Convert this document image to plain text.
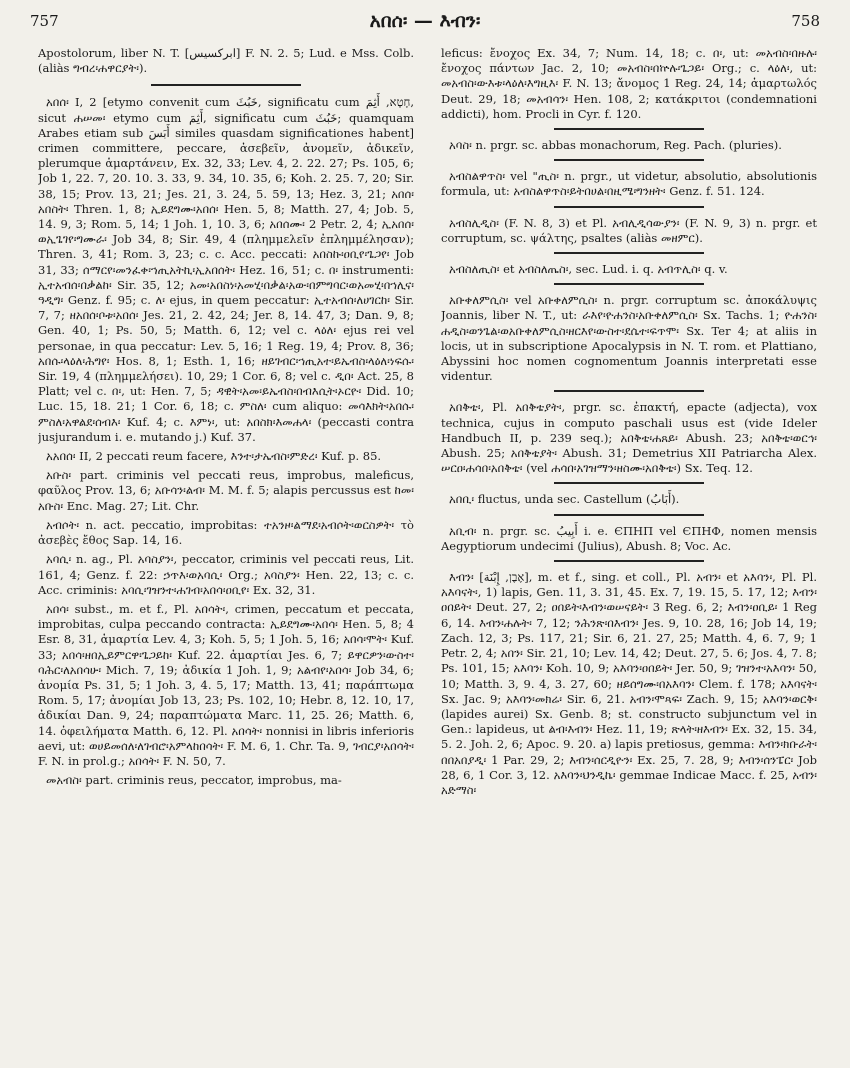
757	አበሰ፡ — እብን፡	758

Apostolorum, liber N. T. [ابركسيس] F. N. 2. 5; Lud. e Mss. Colb. (aliàs ግብረ፡ሐዋርያት፡).

አበሰ፡ I, 2 [etymo convenit cum خَبُثَ, significatu cum חָטָא, أَثِمَ, sicut ሐሠመ፡ etymo cum أَثِمَ, significatu cum خَبُثَ; quamquam Arabes etiam sub أَبَسَ similes quasdam significationes habent] crimen committere, peccare, ἀσεβεῖν, ἀνομεῖν, ἀδικεῖν, plerumque ἁμαρτάνειν, Ex. 32, 33; Lev. 4, 2. 22. 27; Ps. 105, 6; Job 1, 22. 7, 20. 10. 3. 33, 9. 34, 10. 35, 6; Koh. 2. 25. 7, 20; Sir. 38, 15; Prov. 13, 21; Jes. 21, 3. 24, 5. 59, 13; Hez. 3, 21; አበሰ፡አበስት፡ Thren. 1, 8; ኢይደግሙ፡አበሰ፡ Hen. 5, 8; Matth. 27, 4; Job. 5, 14. 9, 3; Rom. 5, 14; 1 Joh. 1, 10. 3, 6; አበሰሙ፡ 2 Petr. 2, 4; ኢአበሰ፡ወኢጌገየ፡ግሙራ፡ Job 34, 8; Sir. 49, 4 (πλημμελεῖν ἐπλημμέλησαν); Thren. 3, 41; Rom. 3, 23; c. c. Acc. peccati: አበስኩ፡ዐቢየ፡ጌጋየ፡ Job 31, 33; ሰማርየ፡መንፈቀ፡ኀጢአትኪ፡ኢአበሰት፡ Hez. 16, 51; c. በ፡ instrumenti: ኢተአብሰ፡በቃልከ፡ Sir. 35, 12; አመ፡አበስነ፡አመሂ፡በቃል፡አው፡በምግባር፡ወአመሂ፡በኀሊና፡ዓዲግ፡ Genz. f. 95; c. ለ፡ ejus, in quem peccatur: ኢተአብሰ፡ለሀገርከ፡ Sir. 7, 7; ዘአበሰ፡ቦቱ፡አበሰ፡ Jes. 21, 2. 42, 24; Jer. 8, 14. 47, 3; Dan. 9, 8; Gen. 40, 1; Ps. 50, 5; Matth. 6, 12; vel c. ላዕለ፡ ejus rei vel personae, in qua peccatur: Lev. 5, 16; 1 Reg. 19, 4; Prov. 8, 36; አበሱ፡ላዕለ፡ሕግየ፡ Hos. 8, 1; Esth. 1, 16; ዘይገብር፡ኀጢአተ፡ይኤብስ፡ላዕለ፡ነፍሱ፡ Sir. 19, 4 (πλημμελήσει). 10, 29; 1 Cor. 6, 8; vel c. ዲበ፡ Act. 25, 8 Platt; vel c. በ፡, ut: Hen. 7, 5; ዳዊት፡አመ፡ይኤብስ፡በብእሲት፡ኦርዮ፡ Did. 10; Luc. 15, 18. 21; 1 Cor. 6, 18; c. ምስለ፡ cum aliquo: መሳእክት፡አበሱ፡ምስለ፡አዋልደ፡ሰብእ፡ Kuf. 4; c. እምነ፡, ut: አበስክ፡እመሐላ፡ (peccasti contra jusjurandum i. e. mutando j.) Kuf. 37.

አአበሰ፡ II, 2 peccati reum facere, እንተ፡ታኤብስ፡ምድረ፡ Kuf. p. 85.

አቡስ፡ part. criminis vel peccati reus, improbus, maleficus, φαῦλος Prov. 13, 6; አቡሳን፡ልብ፡ M. M. f. 5; alapis percussus est ከመ፡አቡስ፡ Enc. Mag. 27; Lit. Chr.

አብሶት፡ n. act. peccatio, improbitas: ተአንዞ፡ልማደ፡አብሶት፡ወርስዎት፡ τὸ ἀσεβὲς ἔθος Sap. 14, 16.

አባሲ፡ n. ag., Pl. አባስያን፡, peccator, criminis vel peccati reus, Lit. 161, 4; Genz. f. 22: ኃጥእ፡ወአባሲ፡ Org.; አባስያን፡ Hen. 22, 13; c. c. Acc. criminis: አባሲ፡ገዝንተ፡ሐገብ፡አበሳ፡ዐቢየ፡ Ex. 32, 31.

አበሳ፡ subst., m. et f., Pl. አበሳት፡, crimen, peccatum et peccata, improbitas, culpa peccando contracta: ኢይደግሙ፡አበሳ፡ Hen. 5, 8; 4 Esr. 8, 31, ἁμαρτία Lev. 4, 3; Koh. 5, 5; 1 Joh. 5, 16; አበሳ፡ሞት፡ Kuf. 33; አበሳ፡ዘበኢይምርዋ፡ጌጋይከ፡ Kuf. 22. ἁμαρτίαι Jes. 6, 7; ይዋርዎን፡ውስተ፡ባሕር፡ለአበሳሁ፡ Mich. 7, 19; ἀδικία 1 Joh. 1, 9; አልብየ፡አበሳ፡ Job 34, 6; ἀνομία Ps. 31, 5; 1 Joh. 3, 4. 5, 17; Matth. 13, 41; παράπτωμα Rom. 5, 17; ἀνομίαι Job 13, 23; Ps. 102, 10; Hebr. 8, 12. 10, 17, ἀδικίαι Dan. 9, 24; παραπτώματα Marc. 11, 25. 26; Matth. 6, 14. ὀφειλήματα Matth. 6, 12. Pl. አበሳት፡ nonnisi in libris inferioris aevi, ut: ወሀይመሰለ፡ለገብሮ፡አምላከበሳት፡ F. M. 6, 1. Chr. Ta. 9, ገብርያ፡አበሳት፡ F. N. in prol.g.; አበሳት፡ F. N. 50, 7.

መአብስ፡ part. criminis reus, peccator, improbus, ma-

leficus: ἔνοχος Ex. 34, 7; Num. 14, 18; c. በ፡, ut: መአብስ፡በዙሉ፡ ἔνοχος πάντων Jac. 2, 10; መአብስ፡በኵሉ፡ጌጋይ፡ Org.; c. ላዕለ፡, ut: መአብስ፡ውእቱ፡ላዕለ፡እግዚእ፡ F. N. 13; ἄνομος 1 Reg. 24, 14; ἁμαρτωλός Deut. 29, 18; መአብሳን፡ Hen. 108, 2; κατάκριτοι (condemnationi addicti), hom. Procli in Cyr. f. 120.

አባስ፡ n. prgr. sc. abbas monachorum, Reg. Pach. (pluries).

አብስልዋጥስ፡ vel "ጢስ፡ n. prgr., ut videtur, absolutio, absolutionis formula, ut: አብስልዋጥስ፡ይትበሀል፡በዚሜ፡ግንዘት፡ Genz. f. 51. 124.

አብስሊዲስ፡ (F. N. 8, 3) et Pl. አብሊዲሳውያን፡ (F. N. 9, 3) n. prgr. et corruptum, sc. ψάλτης, psaltes (aliàs መዘምር).

አብስለጢስ፡ et አብስለጤስ፡, sec. Lud. i. q. አብጥሊስ፡ q. v.

አቡቀለምሲስ፡ vel አቡቀለምሲስ፡ n. prgr. corruptum sc. ἀποκάλυψις Joannis, liber N. T., ut: ራእየ፡ዮሐንስ፡አቡቀለምሲስ፡ Sx. Tachs. 1; ዮሐንስ፡ሐዲስ፡ወንጌል፡ወአቡቀለምሲስ፡ዘርእየ፡ውስተ፡ደሴተ፡ፍጥሞ፡ Sx. Ter 4; at aliis in locis, ut in subscriptione Apocalypsis in N. T. rom. et Plattiano, Abyssini hoc nomen cognomentum Joannis interpretati esse videntur.

አበቅቴ፡, Pl. አበቅቴያት፡, prgr. sc. ἐπακτή, epacte (adjecta), vox technica, cujus in computo paschali usus est (vide Ideler Handbuch II, p. 239 seq.); አበቅቴ፡ሐጸይ፡ Abush. 23; አበቅቴ፡ወርኅ፡ Abush. 25; አበቅቴያት፡ Abush. 31; Demetrius XII Patriarcha Alex. ሠርዐ፡ሐሳበ፡አበቅቴ፡ (vel ሐሳበ፡አገዝማን፡ዘስሙ፡አበቅቴ፡) Sx. Teq. 12.

አበቢ፡ fluctus, unda sec. Castellum (أَبَابُ).

አቢብ፡ n. prgr. sc. أَبِيبُ i. e. ЄΠΗΠ vel ЄΠΗΦ, nomen mensis Aegyptiorum undecimi (Julius), Abush. 8; Voc. Ac.

እብን፡ [אֶבֶן, إِبْنَة], m. et f., sing. et coll., Pl. አብን፡ et አእባን፡, Pl. Pl. አእባናት፡, 1) lapis, Gen. 11, 3. 31, 45. Ex. 7, 19. 15, 5. 17, 12; እብን፡ዐበይት፡ Deut. 27, 2; ዐበይት፡እብን፡ወሠናይት፡ 3 Reg. 6, 2; እብን፡ዐቢይ፡ 1 Reg 6, 14. እብን፡ሐሉት፡ 7, 12; ንሕንጽ፡በእብን፡ Jes. 9, 10. 28, 16; Job 14, 19; Zach. 12, 3; Ps. 117, 21; Sir. 6, 21. 27, 25; Matth. 4, 6. 7, 9; 1 Petr. 2, 4; አበን፡ Sir. 21, 10; Lev. 14, 42; Deut. 27, 5. 6; Jos. 4, 7. 8; Ps. 101, 15; አእባን፡ Koh. 10, 9; አእባን፡ዐበይት፡ Jer. 50, 9; ገዝንተ፡አእባን፡ 50, 10; Matth. 3, 9. 4, 3. 27, 60; ዘይሰግሙ፡በአእባን፡ Clem. f. 178; አእባናት፡ Sx. Jac. 9; አእባን፡መክሬ፡ Sir. 6, 21. አብን፡ሞጻፍ፡ Zach. 9, 15; አእባን፡ወርቅ፡ (lapides aurei) Sx. Genb. 8; st. constructo subjunctum vel in Gen.: lapideus, ut ልብ፡እብን፡ Hez. 11, 19; ጽላት፡ዘእብን፡ Ex. 32, 15. 34, 5. 2. Joh. 2, 6; Apoc. 9. 20. a) lapis pretiosus, gemma: እብን፡ክቡራት፡በበአበያዲ፡ 1 Par. 29, 2; እብን፡ሰርዲዮን፡ Ex. 25, 7. 28, 9; እብን፡ሰንፔር፡ Job 28, 6, 1 Cor. 3, 12. አእባን፡ህንዲኬ፡ gemmae Indicae Macc. f. 25, አብን፡አድማስ፡
